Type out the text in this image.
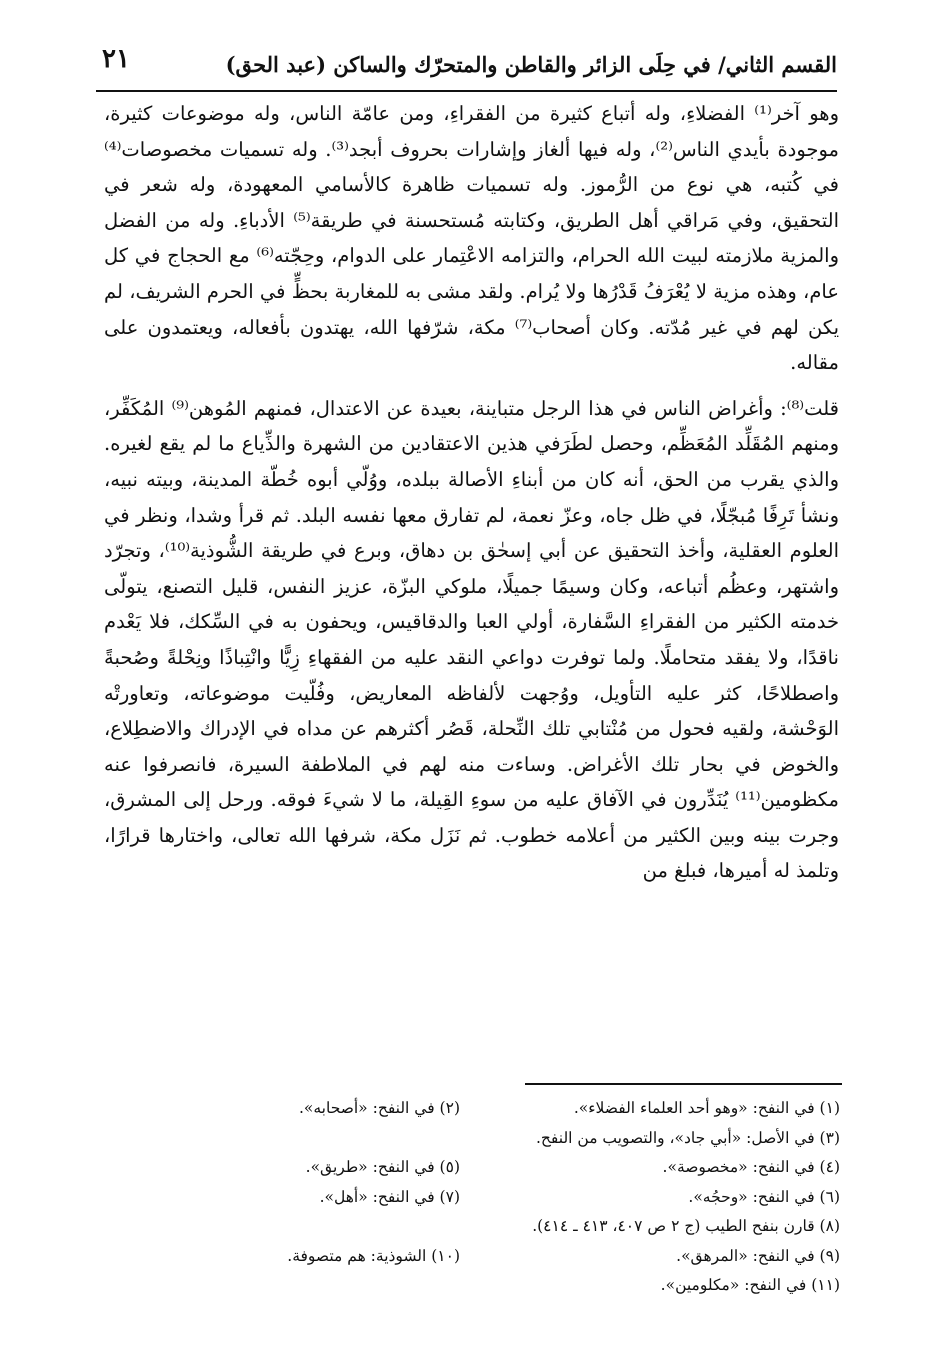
القسم الثاني/ في حِلَى الزائر والقاطن والمتحرّك والساكن (عبد الحق)
٢١

وهو آخر⁽¹⁾ الفضلاءِ، وله أتباع كثيرة من الفقراءِ، ومن عامّة الناس، وله موضوعات كثيرة، موجودة بأيدي الناس⁽²⁾، وله فيها ألغاز وإشارات بحروف أبجد⁽³⁾. وله تسميات مخصوصات⁽⁴⁾ في كُتبه، هي نوع من الرُّموز. وله تسميات ظاهرة كالأسامي المعهودة، وله شعر في التحقيق، وفي مَراقي أهل الطريق، وكتابته مُستحسنة في طريقة⁽⁵⁾ الأدباءِ. وله من الفضل والمزية ملازمته لبيت الله الحرام، والتزامه الاعْتِمار على الدوام، وحِجّته⁽⁶⁾ مع الحجاج في كل عام، وهذه مزية لا يُعْرَفُ قَدْرُها ولا يُرام. ولقد مشى به للمغاربة بحظٍّ في الحرم الشريف، لم يكن لهم في غير مُدّته. وكان أصحاب⁽⁷⁾ مكة، شرّفها الله، يهتدون بأفعاله، ويعتمدون على مقاله.

قلت⁽⁸⁾: وأغراض الناس في هذا الرجل متباينة، بعيدة عن الاعتدال، فمنهم المُوهن⁽⁹⁾ المُكَفِّر، ومنهم المُقَلِّد المُعَظِّم، وحصل لطَرَفي هذين الاعتقادين من الشهرة والذِّياع ما لم يقع لغيره. والذي يقرب من الحق، أنه كان من أبناءِ الأصالة ببلده، ووُلّي أبوه خُطّة المدينة، وبيته نبيه، ونشأ تَرِفًا مُبجّلًا، في ظل جاه، وعزّ نعمة، لم تفارق معها نفسه البلد. ثم قرأ وشدا، ونظر في العلوم العقلية، وأخذ التحقيق عن أبي إسحٰق بن دهاق، وبرع في طريقة الشُّوذية⁽¹⁰⁾، وتجرّد واشتهر، وعظُم أتباعه، وكان وسيمًا جميلًا، ملوكي البزّة، عزيز النفس، قليل التصنع، يتولّى خدمته الكثير من الفقراءِ السَّفارة، أولي العبا والدقاقيس، ويحفون به في السِّكك، فلا يَعْدم ناقدًا، ولا يفقد متحاملًا. ولما توفرت دواعي النقد عليه من الفقهاءِ زِيًّا وانْتِباذًا ونِحْلةً وصُحبةً واصطلاحًا، كثر عليه التأويل، ووُجهت لألفاظه المعاريض، وفُلّيت موضوعاته، وتعاورتْه الوَحْشة، ولقيه فحول من مُنْتابي تلك النِّحلة، قَصُر أكثرهم عن مداه في الإدراك والاضطِلاع، والخوض في بحار تلك الأغراض. وساءت منه لهم في الملاطفة السيرة، فانصرفوا عنه مكظومين⁽¹¹⁾ يُنَدِّرون في الآفاق عليه من سوءِ القِيلة، ما لا شيءَ فوقه. ورحل إلى المشرق، وجرت بينه وبين الكثير من أعلامه خطوب. ثم نَزَل مكة، شرفها الله تعالى، واختارها قرارًا، وتلمذ له أميرها، فبلغ من

(١) في النفح: «وهو أحد العلماء الفضلاء».
(٢) في النفح: «أصحابه».
(٣) في الأصل: «أبي جاد»، والتصويب من النفح.
(٤) في النفح: «مخصوصة».
(٥) في النفح: «طريق».
(٦) في النفح: «وحجُه».
(٧) في النفح: «أهل».
(٨) قارن بنفح الطيب (ج ٢ ص ٤٠٧، ٤١٣ ـ ٤١٤).
(٩) في النفح: «المرهق».
(١٠) الشوذية: هم متصوفة.
(١١) في النفح: «مكلومين».
